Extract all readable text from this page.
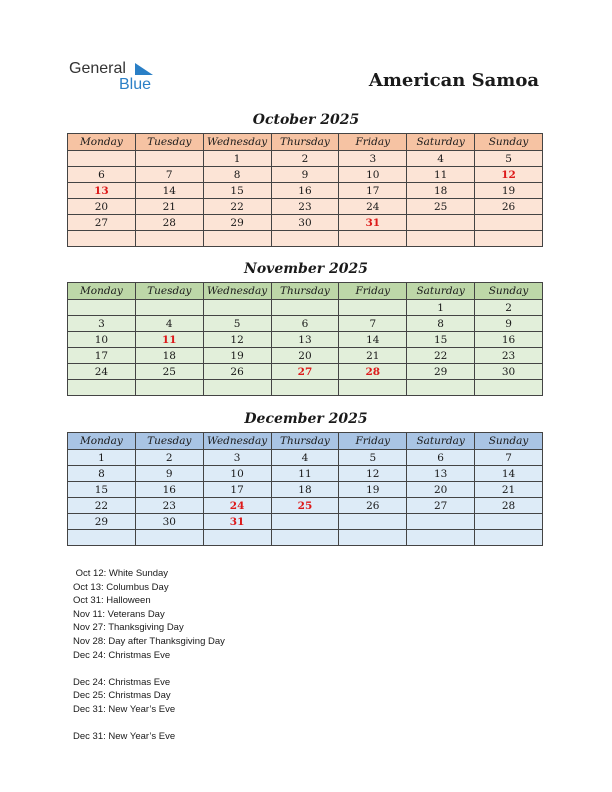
General
Blue	American Samoa
October 2025
Monday	Tuesday	Wednesday	Thursday	Friday	Saturday	Sunday
		1	2	3	4	5
6	7	8	9	10	11	12
13	14	15	16	17	18	19
20	21	22	23	24	25	26
27	28	29	30	31		

November 2025
Monday	Tuesday	Wednesday	Thursday	Friday	Saturday	Sunday
					1	2
3	4	5	6	7	8	9
10	11	12	13	14	15	16
17	18	19	20	21	22	23
24	25	26	27	28	29	30

December 2025
Monday	Tuesday	Wednesday	Thursday	Friday	Saturday	Sunday
1	2	3	4	5	6	7
8	9	10	11	12	13	14
15	16	17	18	19	20	21
22	23	24	25	26	27	28
29	30	31				

Oct 12: White Sunday
Oct 13: Columbus Day
Oct 31: Halloween
Nov 11: Veterans Day
Nov 27: Thanksgiving Day
Nov 28: Day after Thanksgiving Day
Dec 24: Christmas Eve
Dec 24: Christmas Eve
Dec 25: Christmas Day
Dec 31: New Year’s Eve
Dec 31: New Year’s Eve
